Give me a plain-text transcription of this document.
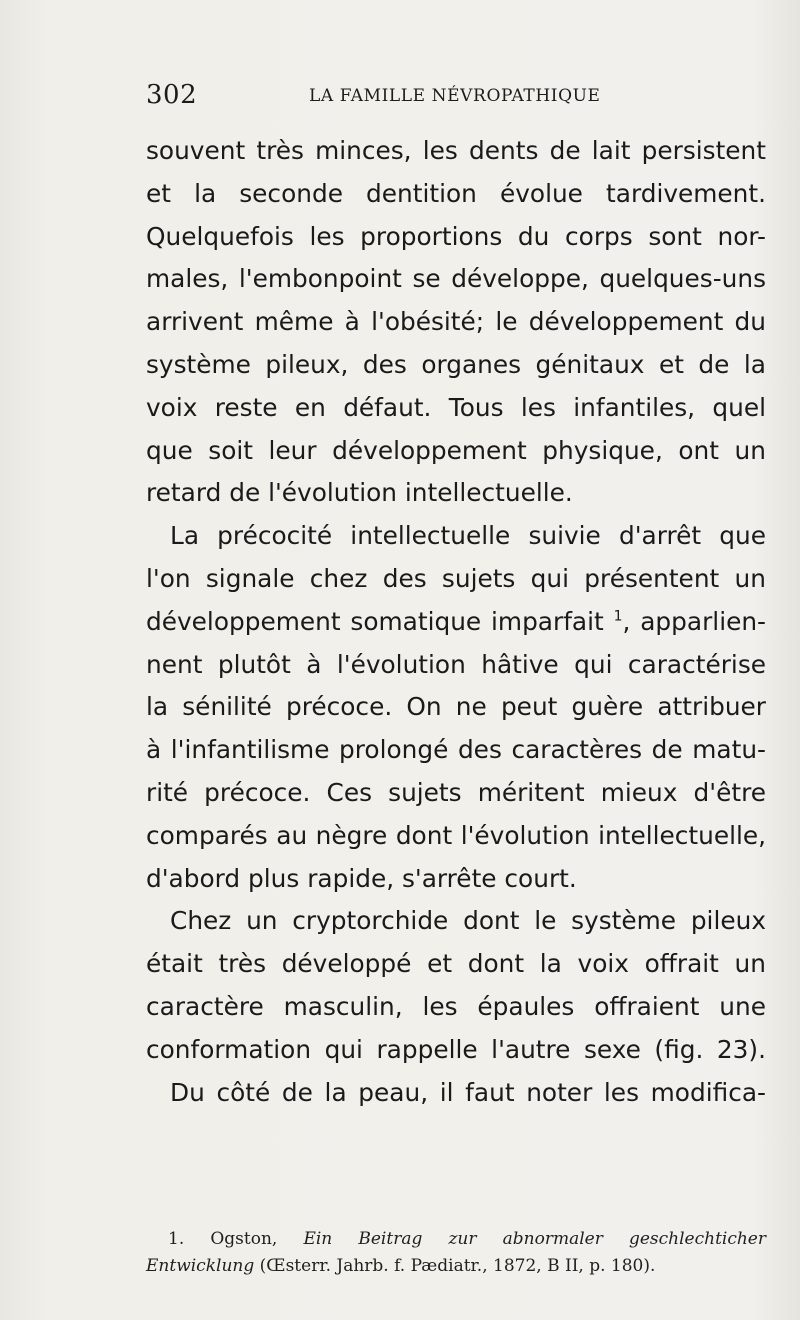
302	LA FAMILLE NÉVROPATHIQUE
souvent très minces, les dents de lait persistent
et la seconde dentition évolue tardivement.
Quelquefois les proportions du corps sont nor-
males, l'embonpoint se développe, quelques-uns
arrivent même à l'obésité; le développement du
système pileux, des organes génitaux et de la
voix reste en défaut. Tous les infantiles, quel
que soit leur développement physique, ont un
retard de l'évolution intellectuelle.
La précocité intellectuelle suivie d'arrêt que
l'on signale chez des sujets qui présentent un
développement somatique imparfait $^1$, apparlien-
nent plutôt à l'évolution hâtive qui caractérise
la sénilité précoce. On ne peut guère attribuer
à l'infantilisme prolongé des caractères de matu-
rité précoce. Ces sujets méritent mieux d'être
comparés au nègre dont l'évolution intellectuelle,
d'abord plus rapide, s'arrête court.
Chez un cryptorchide dont le système pileux
était très développé et dont la voix offrait un
caractère masculin, les épaules offraient une
conformation qui rappelle l'autre sexe (fig. 23).
Du côté de la peau, il faut noter les modifica-
1. Ogston, Ein Beitrag zur abnormaler geschlechticher
Entwicklung (Œsterr. Jahrb. f. Pædiatr., 1872, B II, p. 180).
